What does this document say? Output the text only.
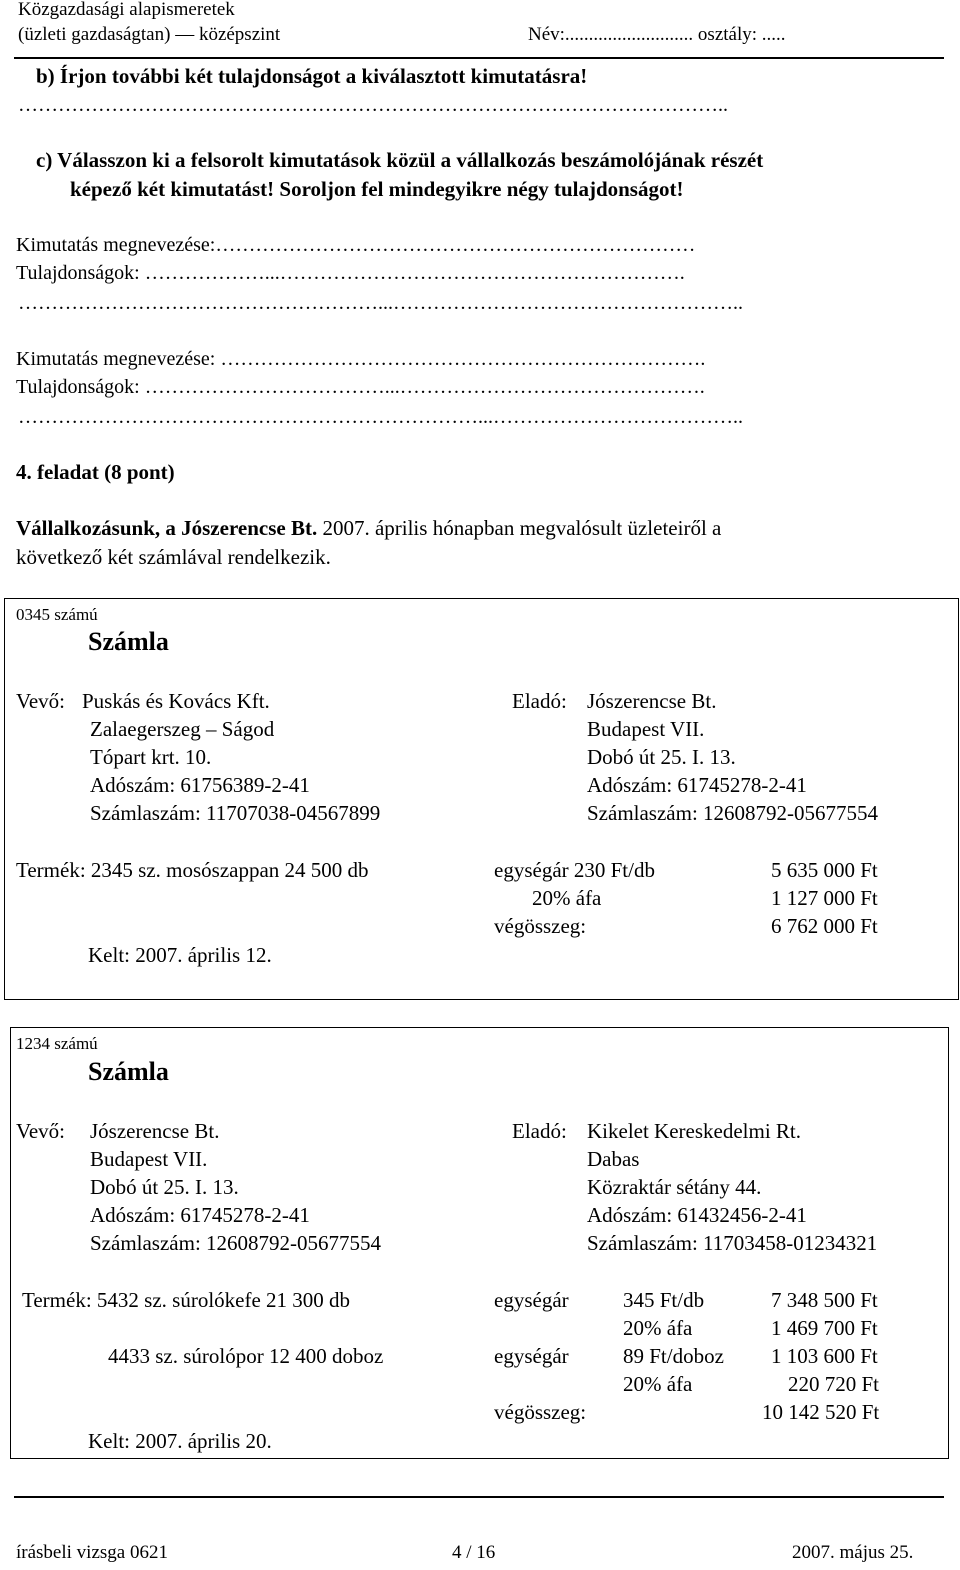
Közgazdasági alapismeretek
(üzleti gazdaságtan) — középszint	Név:........................... osztály: .....
b) Írjon további két tulajdonságot a kiválasztott kimutatásra!
……………………………………………………………………………………………..
c) Válasszon ki a felsorolt kimutatások közül a vállalkozás beszámolójának részét
képező két kimutatást! Soroljon fel mindegyikre négy tulajdonságot!
Kimutatás megnevezése:………………………………………………………………
Tulajdonságok: ………………...…………………………………………………….
………………………………………………...……………………………………………..
Kimutatás megnevezése: ……………………………………………………………….
Tulajdonságok: ………………………………...……………………………………….
……………………………………………………………...………………………………..
4. feladat (8 pont)
Vállalkozásunk, a Jószerencse Bt. 2007. április hónapban megvalósult üzleteiről a
következő két számlával rendelkezik.
0345 számú
Számla
Vevő: Puskás és Kovács Kft.
Zalaegerszeg – Ságod
Tópart krt. 10.
Adószám: 61756389-2-41
Számlaszám: 11707038-04567899
Eladó: Jószerencse Bt.
Budapest VII.
Dobó út 25. I. 13.
Adószám: 61745278-2-41
Számlaszám: 12608792-05677554
Termék: 2345 sz. mosószappan 24 500 db	egységár 230 Ft/db	5 635 000 Ft
20% áfa	1 127 000 Ft
végösszeg:	6 762 000 Ft
Kelt: 2007. április 12.
1234 számú
Számla
Vevő: Jószerencse Bt.
Budapest VII.
Dobó út 25. I. 13.
Adószám: 61745278-2-41
Számlaszám: 12608792-05677554
Eladó: Kikelet Kereskedelmi Rt.
Dabas
Közraktár sétány 44.
Adószám: 61432456-2-41
Számlaszám: 11703458-01234321
Termék: 5432 sz. súrolókefe 21 300 db	egységár	345 Ft/db	7 348 500 Ft
20% áfa	1 469 700 Ft
4433 sz. súrolópor 12 400 doboz	egységár	89 Ft/doboz 1 103 600 Ft
20% áfa	220 720 Ft
végösszeg:	10 142 520 Ft
Kelt: 2007. április 20.
írásbeli vizsga 0621	4 / 16	2007. május 25.
